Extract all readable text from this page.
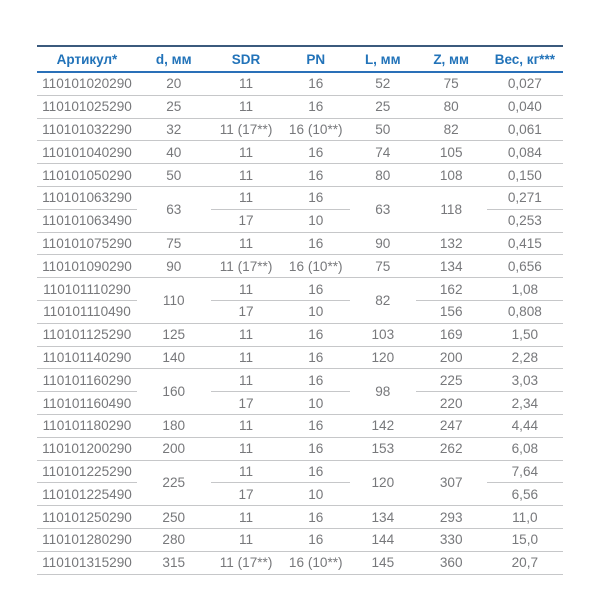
Артикул*	d, мм	SDR	PN	L, мм	Z, мм	Вес, кг***
110101020290	20	11	16	52	75	0,027
110101025290	25	11	16	25	80	0,040
110101032290	32	11 (17**)	16 (10**)	50	82	0,061
110101040290	40	11	16	74	105	0,084
110101050290	50	11	16	80	108	0,150
110101063290	63	11	16	63	118	0,271
110101063490		17	10			0,253
110101075290	75	11	16	90	132	0,415
110101090290	90	11 (17**)	16 (10**)	75	134	0,656
110101110290	110	11	16	82	162	1,08
110101110490		17	10		156	0,808
110101125290	125	11	16	103	169	1,50
110101140290	140	11	16	120	200	2,28
110101160290	160	11	16	98	225	3,03
110101160490		17	10		220	2,34
110101180290	180	11	16	142	247	4,44
110101200290	200	11	16	153	262	6,08
110101225290	225	11	16	120	307	7,64
110101225490		17	10			6,56
110101250290	250	11	16	134	293	11,0
110101280290	280	11	16	144	330	15,0
110101315290	315	11 (17**)	16 (10**)	145	360	20,7
